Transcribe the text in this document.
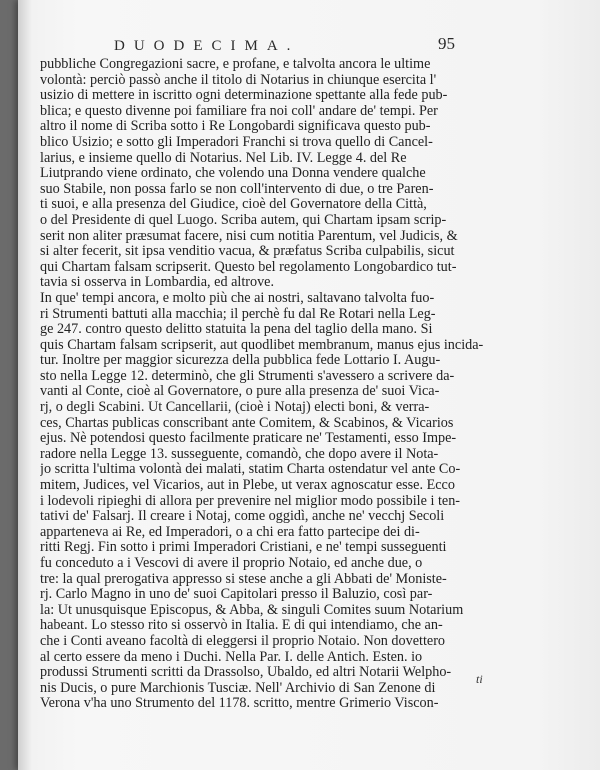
DUODECIMA.	95
pubbliche Congregazioni sacre, e profane, e talvolta ancora le ultime
volontà: perciò passò anche il titolo di Notarius in chiunque esercita l'
usizio di mettere in iscritto ogni determinazione spettante alla fede pub-
blica; e questo divenne poi familiare fra noi coll' andare de' tempi. Per
altro il nome di Scriba sotto i Re Longobardi significava questo pub-
blico Usizio; e sotto gli Imperadori Franchi si trova quello di Cancel-
larius, e insieme quello di Notarius. Nel Lib. IV. Legge 4. del Re
Liutprando viene ordinato, che volendo una Donna vendere qualche
suo Stabile, non possa farlo se non coll'intervento di due, o tre Paren-
ti suoi, e alla presenza del Giudice, cioè del Governatore della Città,
o del Presidente di quel Luogo. Scriba autem, qui Chartam ipsam scrip-
serit non aliter præsumat facere, nisi cum notitia Parentum, vel Judicis, &
si alter fecerit, sit ipsa venditio vacua, & præfatus Scriba culpabilis, sicut
qui Chartam falsam scripserit. Questo bel regolamento Longobardico tut-
tavia si osserva in Lombardia, ed altrove.
In que' tempi ancora, e molto più che ai nostri, saltavano talvolta fuo-
ri Strumenti battuti alla macchia; il perchè fu dal Re Rotari nella Leg-
ge 247. contro questo delitto statuita la pena del taglio della mano. Si
quis Chartam falsam scripserit, aut quodlibet membranum, manus ejus incida-
tur. Inoltre per maggior sicurezza della pubblica fede Lottario I. Augu-
sto nella Legge 12. determinò, che gli Strumenti s'avessero a scrivere da-
vanti al Conte, cioè al Governatore, o pure alla presenza de' suoi Vica-
rj, o degli Scabini. Ut Cancellarii, (cioè i Notaj) electi boni, & verra-
ces, Chartas publicas conscribant ante Comitem, & Scabinos, & Vicarios
ejus. Nè potendosi questo facilmente praticare ne' Testamenti, esso Impe-
radore nella Legge 13. susseguente, comandò, che dopo avere il Nota-
jo scritta l'ultima volontà dei malati, statim Charta ostendatur vel ante Co-
mitem, Judices, vel Vicarios, aut in Plebe, ut verax agnoscatur esse. Ecco
i lodevoli ripieghi di allora per prevenire nel miglior modo possibile i ten-
tativi de' Falsarj. Il creare i Notaj, come oggidì, anche ne' vecchj Secoli
apparteneva ai Re, ed Imperadori, o a chi era fatto partecipe dei di-
ritti Regj. Fin sotto i primi Imperadori Cristiani, e ne' tempi susseguenti
fu conceduto a i Vescovi di avere il proprio Notaio, ed anche due, o
tre: la qual prerogativa appresso si stese anche a gli Abbati de' Moniste-
rj. Carlo Magno in uno de' suoi Capitolari presso il Baluzio, così par-
la: Ut unusquisque Episcopus, & Abba, & singuli Comites suum Notarium
habeant. Lo stesso rito si osservò in Italia. E di qui intendiamo, che an-
che i Conti aveano facoltà di eleggersi il proprio Notaio. Non dovettero
al certo essere da meno i Duchi. Nella Par. I. delle Antich. Esten. io
produssi Strumenti scritti da Drassolso, Ubaldo, ed altri Notarii Welpho-
nis Ducis, o pure Marchionis Tusciæ. Nell' Archivio di San Zenone di
Verona v'ha uno Strumento del 1178. scritto, mentre Grimerio Viscon-
ti
